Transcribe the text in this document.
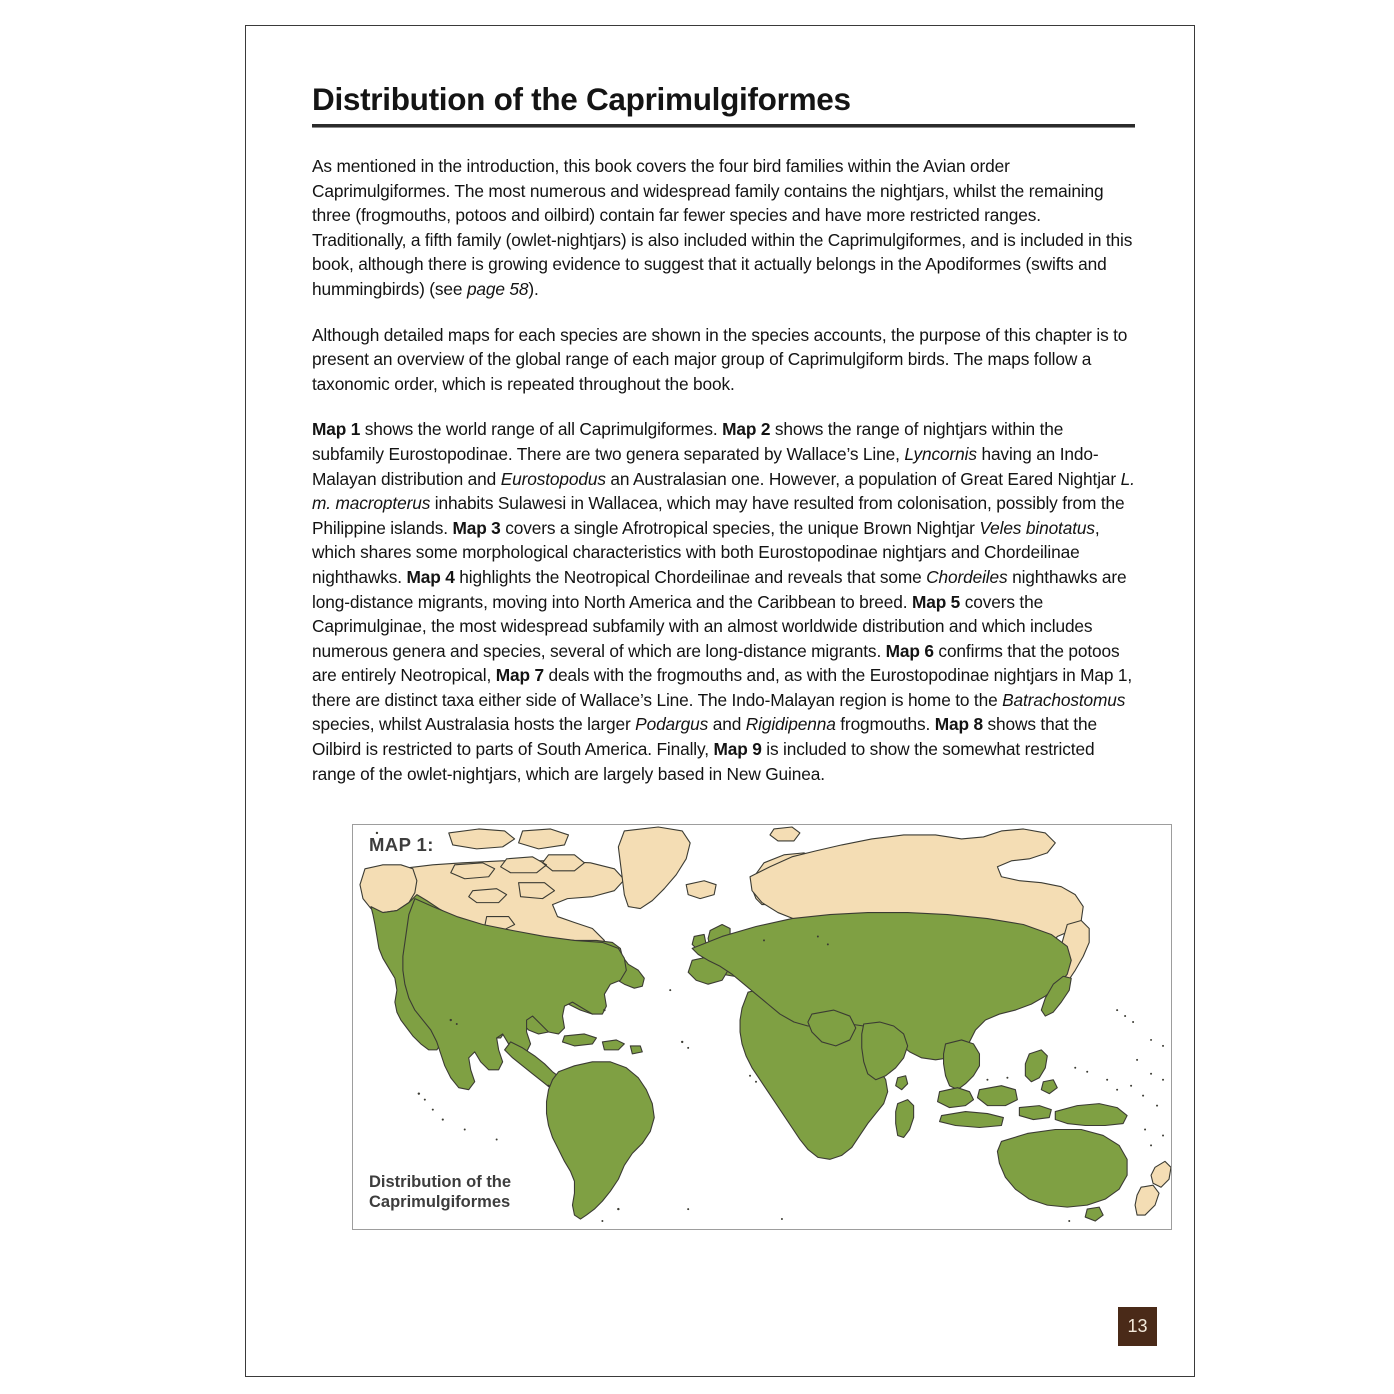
Distribution of the Caprimulgiformes

As mentioned in the introduction, this book covers the four bird families within the Avian order Caprimulgiformes. The most numerous and widespread family contains the nightjars, whilst the remaining three (frogmouths, potoos and oilbird) contain far fewer species and have more restricted ranges. Traditionally, a fifth family (owlet-nightjars) is also included within the Caprimulgiformes, and is included in this book, although there is growing evidence to suggest that it actually belongs in the Apodiformes (swifts and hummingbirds) (see page 58).

Although detailed maps for each species are shown in the species accounts, the purpose of this chapter is to present an overview of the global range of each major group of Caprimulgiform birds. The maps follow a taxonomic order, which is repeated throughout the book.

Map 1 shows the world range of all Caprimulgiformes. Map 2 shows the range of nightjars within the subfamily Eurostopodinae. There are two genera separated by Wallace’s Line, Lyncornis having an Indo-Malayan distribution and Eurostopodus an Australasian one. However, a population of Great Eared Nightjar L. m. macropterus inhabits Sulawesi in Wallacea, which may have resulted from colonisation, possibly from the Philippine islands. Map 3 covers a single Afrotropical species, the unique Brown Nightjar Veles binotatus, which shares some morphological characteristics with both Eurostopodinae nightjars and Chordeilinae nighthawks. Map 4 highlights the Neotropical Chordeilinae and reveals that some Chordeiles nighthawks are long-distance migrants, moving into North America and the Caribbean to breed. Map 5 covers the Caprimulginae, the most widespread subfamily with an almost worldwide distribution and which includes numerous genera and species, several of which are long-distance migrants. Map 6 confirms that the potoos are entirely Neotropical, Map 7 deals with the frogmouths and, as with the Eurostopodinae nightjars in Map 1, there are distinct taxa either side of Wallace’s Line. The Indo-Malayan region is home to the Batrachostomus species, whilst Australasia hosts the larger Podargus and Rigidipenna frogmouths. Map 8 shows that the Oilbird is restricted to parts of South America. Finally, Map 9 is included to show the somewhat restricted range of the owlet-nightjars, which are largely based in New Guinea.

MAP 1:
Distribution of the
Caprimulgiformes
13
